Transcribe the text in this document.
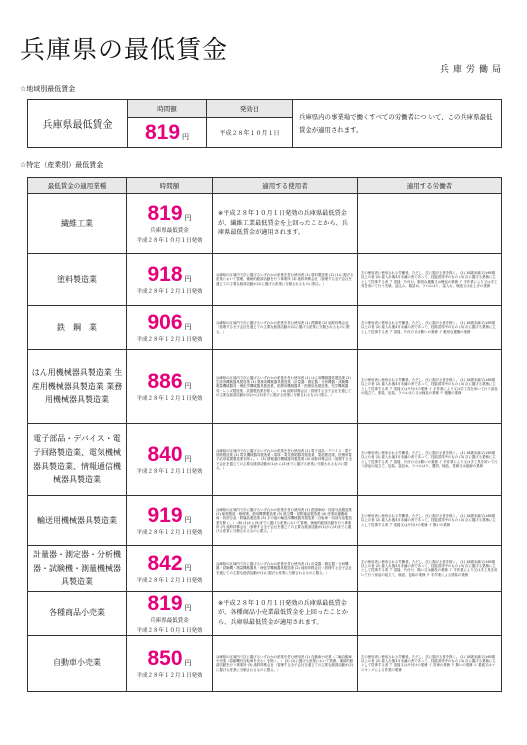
兵庫県の最低賃金
兵庫労働局
☆地域別最低賃金
兵庫県最低賃金	時間額	発効日	兵庫県内の事業場で働くすべての労働者につ いて、この兵庫県最低賃金が適用されます。

	819 円	平成２８年１０月１日	
☆特定（産業別）最低賃金
最低賃金の適用業種	時間額	適用する使用者	適用する労働者
繊維工業	819 円
兵庫県最低賃金
平成２８年１０月１日発効	※平成２８年１０月１日発効の兵庫県最低賃金が、繊維工業最低賃金を上回ったことから、兵庫県最低賃金が適用されます。	
塗料製造業	918 円
平成２８年１２月１日発効	兵庫県の区域内で次に掲げるいずれかの産業を営む使用者 (1) 塗料製造業 (2) (1)に掲げる産業において管理、補助的経済活動を行う事業所 (3) 純粋持株会社（管理する全子会社を通じての主要な経済活動が(1)に掲げる産業に分類されるものに限る。）	左の使用者に使用される労働者。ただし、次に掲げる者を除く。 (1) 18歳未満又は65歳以上の者 (2) 雇入れ後3月未満の者であって、技能習得中のもの (3) 次に掲げる業務に主として従事する者 ア 清掃、片付け、軽易な運搬又は梱包の業務 イ 手作業により又は手工具を用いて行う充填、詰込み、箱詰め、ラベルはり、袋入れ、検査又は仕上げの業務
鉄　鋼　業	906 円
平成２８年１２月１日発効	兵庫県の区域内で次に掲げるいずれかの産業を営む使用者 (1) 鉄鋼業 (2) 純粋持株会社（管理する全子会社を通じての主要な経済活動が(1)に掲げる産業に分類されるものに限る。）	左の使用者に使用される労働者。ただし、次に掲げる者を除く。 (1) 18歳未満又は65歳以上の者 (2) 雇入れ後3月未満の者であって、技能習得中のもの (3) 次に掲げる業務に主として従事する者 ア 清掃、片付け又は賄いの業務 イ 軽易な運搬の業務
はん用機械器具製造業 生産用機械器具製造業 業務用機械器具製造業	886 円
平成２８年１２月１日発効	兵庫県の区域内で次に掲げるいずれかの産業を営む使用者 (1) はん用機械器具製造業 (2) 生産用機械器具製造業 (3) 業務用機械器具製造業（計量器・測定器・分析機器・試験機・測量機械器具・理化学機械器具製造業、医療用機械器具・医療用品製造業、光学機械器具・レンズ製造業、武器製造業を除く。） (4) 純粋持株会社（管理する全子会社を通じての主要な経済活動が(1)から(3)までに掲げる産業に分類されるものに限る。）	左の使用者に使用される労働者。ただし、次に掲げる者を除く。 (1) 18歳未満又は65歳以上の者 (2) 雇入れ後3月未満の者であって、技能習得中のもの (3) 次に掲げる業務に主として従事する者 ア 清掃又は片付けの業務 イ 手作業により又は手工具を用いて行う部品の組立て、塗装、包装、ラベルはり又は検品の業務 ウ 運搬の業務
電子部品・デバイス・電子回路製造業、電気機械器具製造業、情報通信機械器具製造業	840 円
平成２８年１２月１日発効	兵庫県の区域内で次に掲げるいずれかの産業を営む使用者 (1) 電子部品・デバイス・電子回路製造業 (2) 電気機械器具製造業（電球・電気照明器具製造業、電池製造業、医療用電子応用装置製造業を除く。） (3) 情報通信機械器具製造業 (4) 純粋持株会社（管理する全子会社を通じての主要な経済活動が(1)から(3)までに掲げる産業に分類されるものに限る。）	左の使用者に使用される労働者。ただし、次に掲げる者を除く。 (1) 18歳未満又は65歳以上の者 (2) 雇入れ後3月未満の者であって、技能習得中のもの (3) 次に掲げる業務に主として従事する者 ア 清掃、片付け又は賄いの業務 イ 手作業により又は手工具を用いて行う部品の組立て、包装、袋詰め、ラベルはり、選別、検品、巻線又は組線の業務
輸送用機械器具製造業	919 円
平成２８年１２月１日発効	兵庫県の区域内で次に掲げるいずれかの産業を営む使用者 (1) 鉄道車両・同部分品製造業 (2) 船舶製造・修理業、舶用機関製造業 (3) 航空機・同附属品製造業 (4) 産業用運搬車両・同部分品・附属品製造業 (5) その他の輸送用機械器具製造業（自転車・同部分品製造業を除く。） (6) (1)から(5)までに掲げる産業において管理、補助的経済活動を行う事業所 (7) 純粋持株会社（管理する全子会社を通じての主要な経済活動が(1)から(5)までに掲げる産業に分類されるものに限る。）	左の使用者に使用される労働者。ただし、次に掲げる者を除く。 (1) 18歳未満又は65歳以上の者 (2) 雇入れ後3月未満の者であって、技能習得中のもの (3) 次に掲げる業務に主として従事する者 ア 清掃又は片付けの業務 イ 賄いの業務
計量器・測定器・分析機器・試験機・測量機械器具製造業	842 円
平成２８年１２月１日発効	兵庫県の区域内で次に掲げるいずれかの産業を営む使用者 (1) 計量器・測定器・分析機器・試験機・測量機械器具・理化学機械器具製造業 (2) 純粋持株会社（管理する全子会社を通じての主要な経済活動が(1)に掲げる産業に分類されるものに限る。）	左の使用者に使用される労働者。ただし、次に掲げる者を除く。 (1) 18歳未満又は65歳以上の者 (2) 雇入れ後3月未満の者であって、技能習得中のもの (3) 次に掲げる業務に主として従事する者 ア 清掃、片付け、賄い又は雑役の業務 イ 手作業により又は手工具を用いて行う部品の組立て、検査、包装の業務 ウ 手作業による塗装の業務
各種商品小売業	819 円
兵庫県最低賃金
平成２８年１０月１日発効	※平成２８年１０月１日発効の兵庫県最低賃金が、各種商品小売業最低賃金を上回ったことから、兵庫県最低賃金が適用されます。	
自動車小売業	850 円
平成２８年１２月１日発効	兵庫県の区域内で次に掲げるいずれかの産業を営む使用者 (1) 自動車小売業（二輪自動車小売業（原動機付自転車を含む）を除く。） (2) (1)に掲げる産業において管理、補助的経済活動を行う事業所 (3) 純粋持株会社（管理する全子会社を通じての主要な経済活動が(1)に掲げる産業に分類されるものに限る。）	左の使用者に使用される労働者。ただし、次に掲げる者を除く。 (1) 18歳未満又は65歳以上の者 (2) 雇入れ後3月未満の者であって、技能習得中のもの (3) 次に掲げる業務に主として従事する者 ア 清掃又は片付けの業務 イ 洗車の業務 ウ 賄いの業務 エ 看板又はマスキングによる作業の業務
